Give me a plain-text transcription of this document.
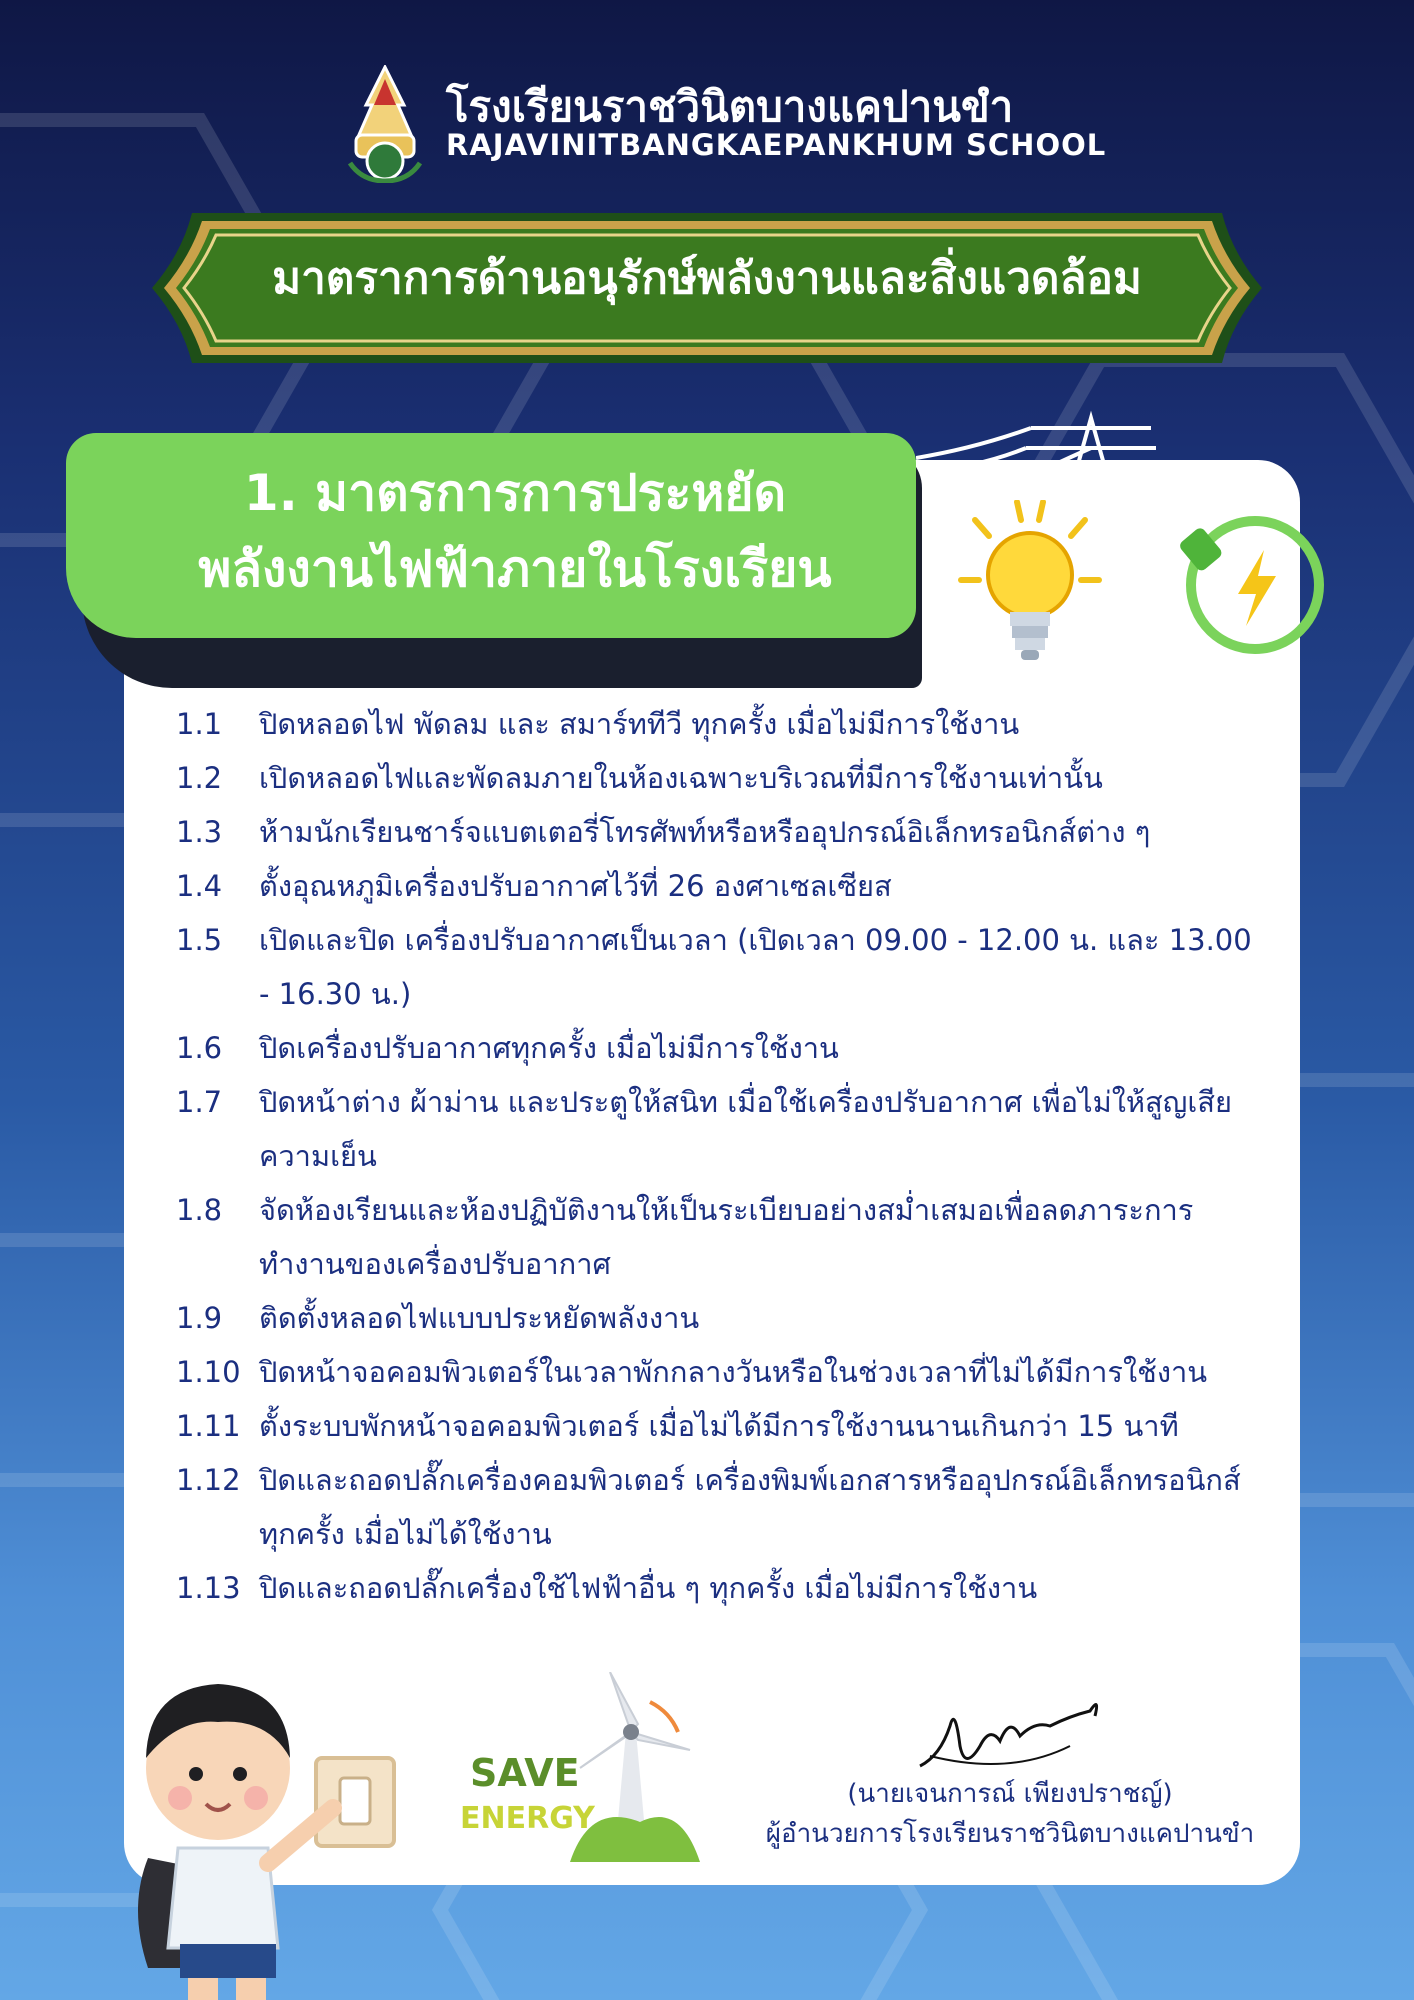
โรงเรียนราชวินิตบางแคปานขำ
RAJAVINITBANGKAEPANKHUM SCHOOL
มาตราการด้านอนุรักษ์พลังงานและสิ่งแวดล้อม
1. มาตรการการประหยัด
พลังงานไฟฟ้าภายในโรงเรียน
1.1 ปิดหลอดไฟ พัดลม และ สมาร์ททีวี ทุกครั้ง เมื่อไม่มีการใช้งาน
1.2 เปิดหลอดไฟและพัดลมภายในห้องเฉพาะบริเวณที่มีการใช้งานเท่านั้น
1.3 ห้ามนักเรียนชาร์จแบตเตอรี่โทรศัพท์หรือหรืออุปกรณ์อิเล็กทรอนิกส์ต่าง ๆ
1.4 ตั้งอุณหภูมิเครื่องปรับอากาศไว้ที่ 26 องศาเซลเซียส
1.5 เปิดและปิด เครื่องปรับอากาศเป็นเวลา (เปิดเวลา 09.00 - 12.00 น. และ 13.00 - 16.30 น.)
1.6 ปิดเครื่องปรับอากาศทุกครั้ง เมื่อไม่มีการใช้งาน
1.7 ปิดหน้าต่าง ผ้าม่าน และประตูให้สนิท เมื่อใช้เครื่องปรับอากาศ เพื่อไม่ให้สูญเสียความเย็น
1.8 จัดห้องเรียนและห้องปฏิบัติงานให้เป็นระเบียบอย่างสม่ำเสมอเพื่อลดภาระการทำงานของเครื่องปรับอากาศ
1.9 ติดตั้งหลอดไฟแบบประหยัดพลังงาน
1.10 ปิดหน้าจอคอมพิวเตอร์ในเวลาพักกลางวันหรือในช่วงเวลาที่ไม่ได้มีการใช้งาน
1.11 ตั้งระบบพักหน้าจอคอมพิวเตอร์ เมื่อไม่ได้มีการใช้งานนานเกินกว่า 15 นาที
1.12 ปิดและถอดปลั๊กเครื่องคอมพิวเตอร์ เครื่องพิมพ์เอกสารหรืออุปกรณ์อิเล็กทรอนิกส์ทุกครั้ง เมื่อไม่ได้ใช้งาน
1.13 ปิดและถอดปลั๊กเครื่องใช้ไฟฟ้าอื่น ๆ ทุกครั้ง เมื่อไม่มีการใช้งาน
SAVE
ENERGY
(นายเจนการณ์ เพียงปราชญ์)
ผู้อำนวยการโรงเรียนราชวินิตบางแคปานขำ
